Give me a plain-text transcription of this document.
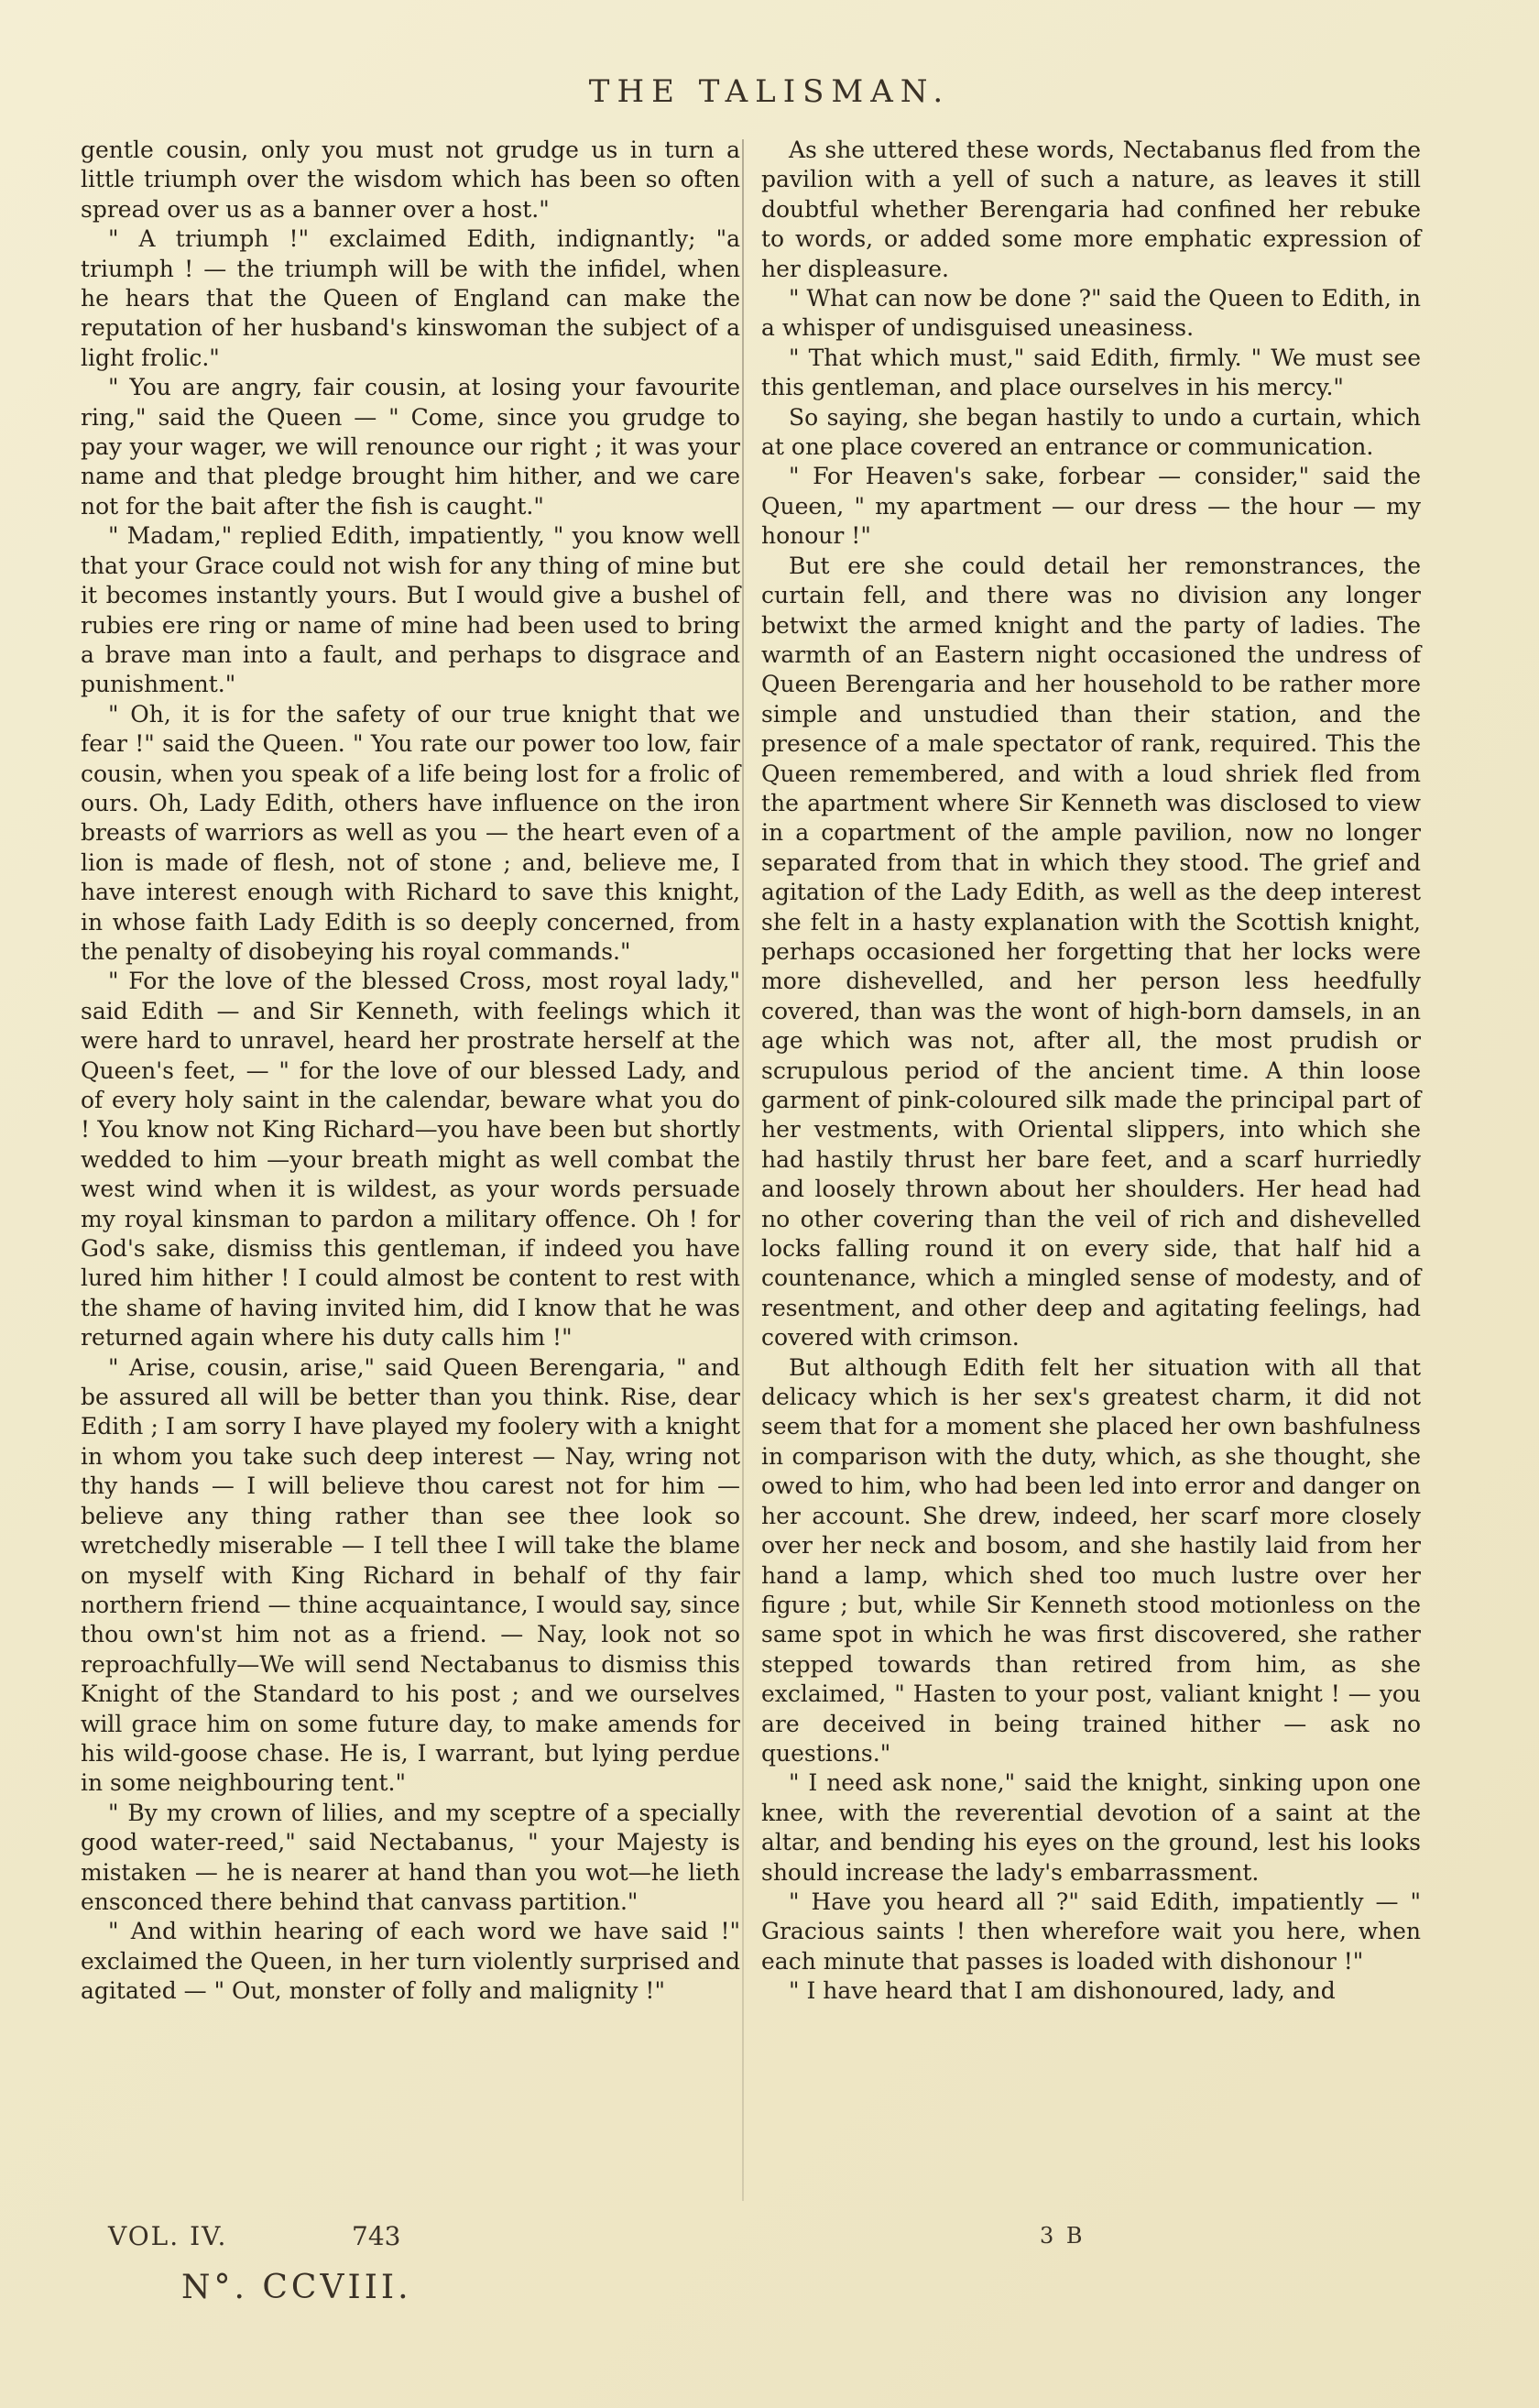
THE TALISMAN.

gentle cousin, only you must not grudge us in turn a little triumph over the wisdom which has been so often spread over us as a banner over a host."

" A triumph !" exclaimed Edith, indignantly; "a triumph ! — the triumph will be with the infidel, when he hears that the Queen of England can make the reputation of her husband's kinswoman the subject of a light frolic."

" You are angry, fair cousin, at losing your favourite ring," said the Queen — " Come, since you grudge to pay your wager, we will renounce our right ; it was your name and that pledge brought him hither, and we care not for the bait after the fish is caught."

" Madam," replied Edith, impatiently, " you know well that your Grace could not wish for any thing of mine but it becomes instantly yours. But I would give a bushel of rubies ere ring or name of mine had been used to bring a brave man into a fault, and perhaps to disgrace and punishment."

" Oh, it is for the safety of our true knight that we fear !" said the Queen. " You rate our power too low, fair cousin, when you speak of a life being lost for a frolic of ours. Oh, Lady Edith, others have influence on the iron breasts of warriors as well as you — the heart even of a lion is made of flesh, not of stone ; and, believe me, I have interest enough with Richard to save this knight, in whose faith Lady Edith is so deeply concerned, from the penalty of disobeying his royal commands."

" For the love of the blessed Cross, most royal lady," said Edith — and Sir Kenneth, with feelings which it were hard to unravel, heard her prostrate herself at the Queen's feet, — " for the love of our blessed Lady, and of every holy saint in the calendar, beware what you do ! You know not King Richard—you have been but shortly wedded to him —your breath might as well combat the west wind when it is wildest, as your words persuade my royal kinsman to pardon a military offence. Oh ! for God's sake, dismiss this gentleman, if indeed you have lured him hither ! I could almost be content to rest with the shame of having invited him, did I know that he was returned again where his duty calls him !"

" Arise, cousin, arise," said Queen Berengaria, " and be assured all will be better than you think. Rise, dear Edith ; I am sorry I have played my foolery with a knight in whom you take such deep interest — Nay, wring not thy hands — I will believe thou carest not for him — believe any thing rather than see thee look so wretchedly miserable — I tell thee I will take the blame on myself with King Richard in behalf of thy fair northern friend — thine acquaintance, I would say, since thou own'st him not as a friend. — Nay, look not so reproachfully—We will send Nectabanus to dismiss this Knight of the Standard to his post ; and we ourselves will grace him on some future day, to make amends for his wild-goose chase. He is, I warrant, but lying perdue in some neighbouring tent."

" By my crown of lilies, and my sceptre of a specially good water-reed," said Nectabanus, " your Majesty is mistaken — he is nearer at hand than you wot—he lieth ensconced there behind that canvass partition."

" And within hearing of each word we have said !" exclaimed the Queen, in her turn violently surprised and agitated — " Out, monster of folly and malignity !"

As she uttered these words, Nectabanus fled from the pavilion with a yell of such a nature, as leaves it still doubtful whether Berengaria had confined her rebuke to words, or added some more emphatic expression of her displeasure.

" What can now be done ?" said the Queen to Edith, in a whisper of undisguised uneasiness.

" That which must," said Edith, firmly. " We must see this gentleman, and place ourselves in his mercy."

So saying, she began hastily to undo a curtain, which at one place covered an entrance or communication.

" For Heaven's sake, forbear — consider," said the Queen, " my apartment — our dress — the hour — my honour !"

But ere she could detail her remonstrances, the curtain fell, and there was no division any longer betwixt the armed knight and the party of ladies. The warmth of an Eastern night occasioned the undress of Queen Berengaria and her household to be rather more simple and unstudied than their station, and the presence of a male spectator of rank, required. This the Queen remembered, and with a loud shriek fled from the apartment where Sir Kenneth was disclosed to view in a copartment of the ample pavilion, now no longer separated from that in which they stood. The grief and agitation of the Lady Edith, as well as the deep interest she felt in a hasty explanation with the Scottish knight, perhaps occasioned her forgetting that her locks were more dishevelled, and her person less heedfully covered, than was the wont of high-born damsels, in an age which was not, after all, the most prudish or scrupulous period of the ancient time. A thin loose garment of pink-coloured silk made the principal part of her vestments, with Oriental slippers, into which she had hastily thrust her bare feet, and a scarf hurriedly and loosely thrown about her shoulders. Her head had no other covering than the veil of rich and dishevelled locks falling round it on every side, that half hid a countenance, which a mingled sense of modesty, and of resentment, and other deep and agitating feelings, had covered with crimson.

But although Edith felt her situation with all that delicacy which is her sex's greatest charm, it did not seem that for a moment she placed her own bashfulness in comparison with the duty, which, as she thought, she owed to him, who had been led into error and danger on her account. She drew, indeed, her scarf more closely over her neck and bosom, and she hastily laid from her hand a lamp, which shed too much lustre over her figure ; but, while Sir Kenneth stood motionless on the same spot in which he was first discovered, she rather stepped towards than retired from him, as she exclaimed, " Hasten to your post, valiant knight ! — you are deceived in being trained hither — ask no questions."

" I need ask none," said the knight, sinking upon one knee, with the reverential devotion of a saint at the altar, and bending his eyes on the ground, lest his looks should increase the lady's embarrassment.

" Have you heard all ?" said Edith, impatiently — " Gracious saints ! then wherefore wait you here, when each minute that passes is loaded with dishonour !"

" I have heard that I am dishonoured, lady, and

VOL. IV.	743	3 B
N°. CCVIII.
